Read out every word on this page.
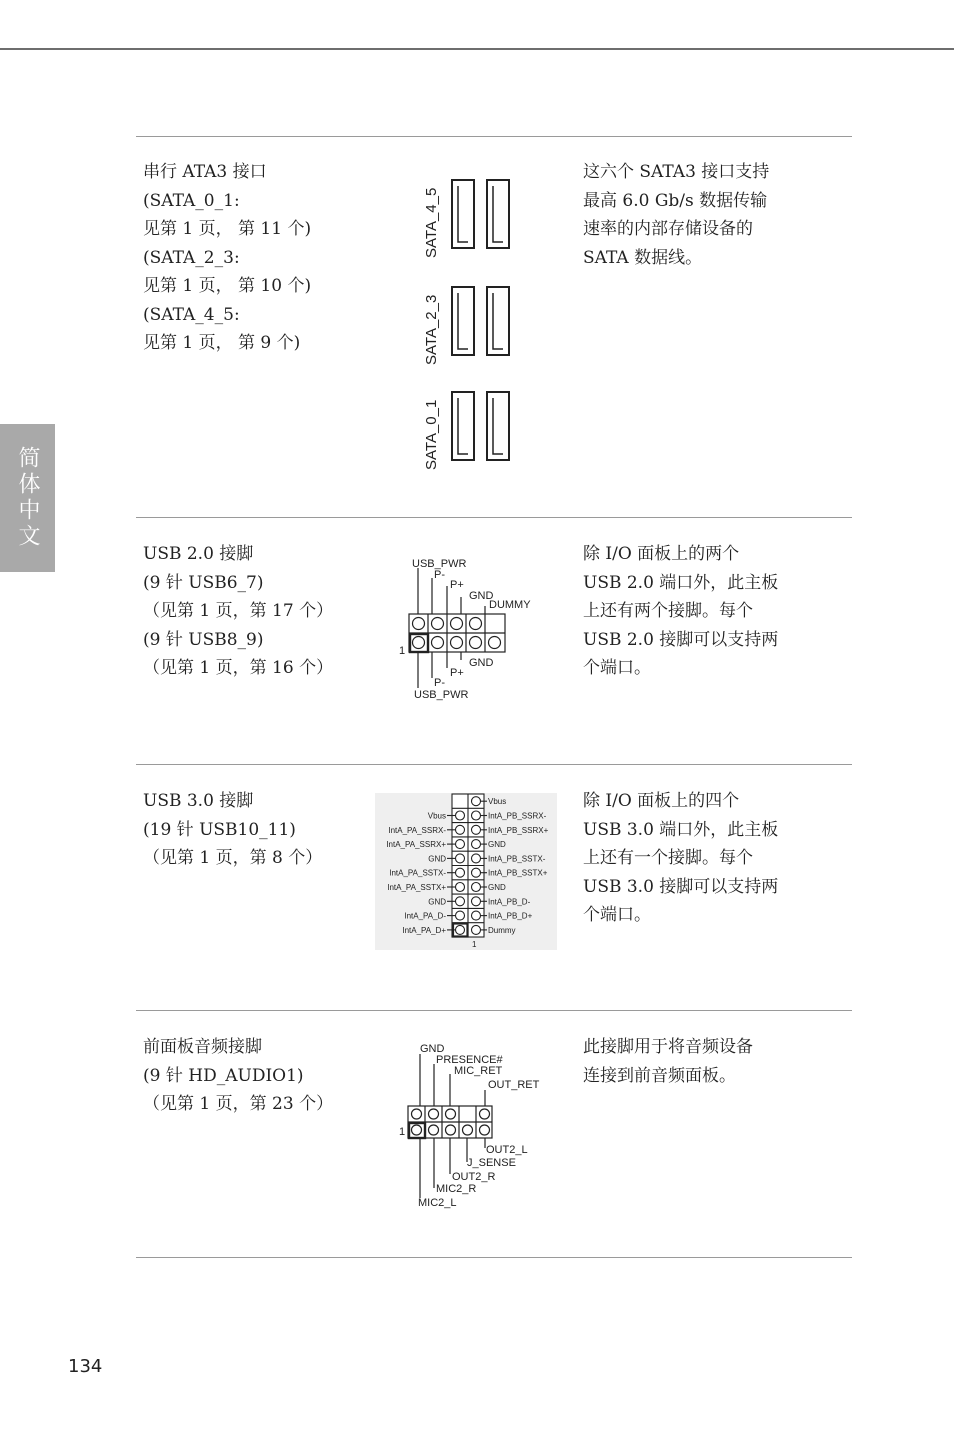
简体中文
串行 ATA3 接口
(SATA_0_1:
见第 1 页， 第 11 个)
(SATA_2_3:
见第 1 页， 第 10 个)
(SATA_4_5:
见第 1 页， 第 9 个)
这六个 SATA3 接口支持
最高 6.0 Gb/s 数据传输
速率的内部存储设备的
SATA 数据线。
SATA_4_5
SATA_2_3
SATA_0_1
USB 2.0 接脚
(9 针 USB6_7)
（见第 1 页，第 17 个）
(9 针 USB8_9)
（见第 1 页，第 16 个）
除 I/O 面板上的两个
USB 2.0 端口外，此主板
上还有两个接脚。每个
USB 2.0 接脚可以支持两
个端口。
USB_PWR
P-
P+
GND
DUMMY
GND
P+
P-
USB_PWR
1
USB 3.0 接脚
(19 针 USB10_11)
（见第 1 页，第 8 个）
除 I/O 面板上的四个
USB 3.0 端口外，此主板
上还有一个接脚。每个
USB 3.0 接脚可以支持两
个端口。
Vbus
IntA_PA_SSRX-
IntA_PA_SSRX+
GND
IntA_PA_SSTX-
IntA_PA_SSTX+
GND
IntA_PA_D-
IntA_PA_D+
Vbus
IntA_PB_SSRX-
IntA_PB_SSRX+
GND
IntA_PB_SSTX-
IntA_PB_SSTX+
GND
IntA_PB_D-
IntA_PB_D+
Dummy
1
前面板音频接脚
(9 针 HD_AUDIO1)
（见第 1 页，第 23 个）
此接脚用于将音频设备
连接到前音频面板。
GND
PRESENCE#
MIC_RET
OUT_RET
OUT2_L
J_SENSE
OUT2_R
MIC2_R
MIC2_L
1
134
